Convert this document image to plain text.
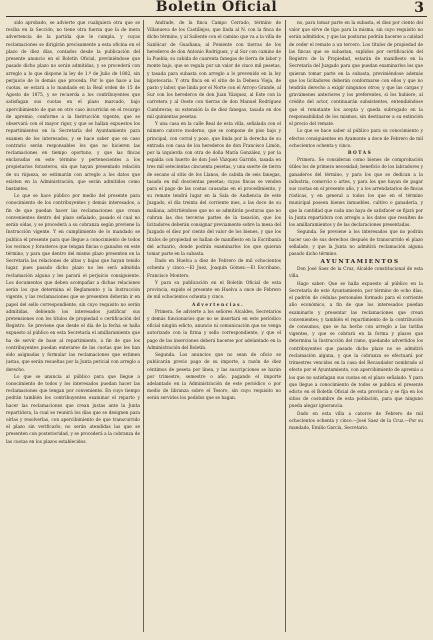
Boletin Oficial	3

sido aprobado, se advierte que cualquiera otra que se reciba en la Sección, no tiene otra fuerza que la de mera advertencia de la partida que le cumpla, y cuyas reclamaciones se dirigirán precisamente a esta oficina en el plazo de diez días, contados desde la publicación del presente anuncio en el Boletín Oficial, previniéndose que pasado dicho plazo no serán admitidas, y se procederá con arreglo a lo que dispone la ley de 1.º de Julio de 1882, sin perjuicio de lo demás que proceda. Por lo que hace a las cuotas, se estará a lo mandado en la Real orden de 15 de Agosto de 1875, y se recuerda a los contribuyentes que satisfagan sus cuotas en el plazo marcado, bajo apercibimiento de que en otro caso incurrirán en el recargo de apremio, conforme a la Instrucción vigente, que se observará con el mayor rigor, y que se hallan expuestos los repartimientos en la Secretaría del Ayuntamiento para examen de los interesados, y se hace saber que en caso contrario serán responsables los que no hicieren las reclamaciones en tiempo oportuno, y que las fincas enclavadas en este término y pertenecientes a los propietarios forasteros, sin que hayan presentado relación de su riqueza, se estimarán con arreglo a los datos que existen en la Administración, que serán admitidos como bastantes.

Lo que se hace público por medio del presente para conocimiento de los contribuyentes y demás interesados, a fin de que puedan hacer las reclamaciones que crean convenientes dentro del plazo señalado, pasado el cual no serán oídas, y se procederá a su cobranza según previene la Instrucción vigente. Y en cumplimiento de lo mandado se publica el presente para que llegue a conocimiento de todos los vecinos y forasteros que tengan fincas o ganados en este término, y para que dentro del mismo plazo presenten en la Secretaría las relaciones de altas y bajas que hayan tenido lugar, pues pasado dicho plazo no les será admitida reclamación alguna y les parará el perjuicio consiguiente. Los documentos que deben acompañar a dichas relaciones serán los que determina el Reglamento y la Instrucción vigente, y las reclamaciones que se presenten deberán ir en papel del sello correspondiente, sin cuyo requisito no serán admitidas, debiendo los interesados justificar sus pretensiones con los títulos de propiedad o certificación del Registro. Se previene que desde el día de la fecha se halla expuesto al público en esta Secretaría el amillaramiento que ha de servir de base al repartimiento, a fin de que los contribuyentes puedan enterarse de las cuotas que les han sido asignadas y formular las reclamaciones que estimen justas, que serán resueltas por la Junta pericial con arreglo a derecho.

Lo que se anuncia al público para que llegue a conocimiento de todos y los interesados puedan hacer las reclamaciones que tengan por conveniente. En cuyo tiempo podrán también los contribuyentes examinar el reparto y hacer las reclamaciones que crean justas ante la Junta repartidora, la cual se reunirá los días que se designen para oírlas y resolverlas, con apercibimiento de que transcurrido el plazo sin verificarlo, no serán atendidas las que se presenten con posterioridad, y se procederá a la cobranza de las cuotas en los plazos establecidos.

Andrade, de la finca Campo Cerrado, término de Villanueva de los Castillejos, que linda al N. con la finca de dicho término, y al Saliente con el camino que va a la villa de Sanlúcar de Guadiana; al Poniente con tierras de los herederos de don Antonio Rodríguez, y al Sur con camino de la Puebla; su cabida de cuarenta fanegas de tierra de labor y monte bajo, que se regula por un valor de cinco mil pesetas, y tasada para subasta con arreglo a lo prevenido en la ley hipotecaria. Y otra finca en el sitio de la Dehesa Vieja, de pasto y labor, que linda por el Norte con el Arroyo Grande, al Sur con los herederos de don Juan Vázquez, al Este con la carretera y al Oeste con tierras de don Manuel Rodríguez Cumbreras; su extensión la de diez fanegas, tasada en dos mil quinientas pesetas.

Y una casa en la calle Real de esta villa, señalada con el número catorce moderno, que se compone de piso bajo y principal, con corral y pozo, que linda por la derecha de su entrada con casa de los herederos de don Francisco Limón, por la izquierda con otra de doña María González, y por la espalda con huerto de don José Vázquez Garrido, tasada en tres mil setecientas cincuenta pesetas, y una suerte de tierra de secano al sitio de los Llanos, de cabida de seis fanegas, tasada en mil doscientas pesetas; cuyas fincas se venden para el pago de las costas causadas en el procedimiento, y su remate tendrá lugar en la Sala de Audiencia de este Juzgado, el día treinta del corriente mes, a las doce de su mañana, advirtiéndose que no se admitirán posturas que no cubran las dos terceras partes de la tasación, que los licitadores deberán consignar previamente sobre la mesa del Juzgado el diez por ciento del valor de los bienes, y que los títulos de propiedad se hallan de manifiesto en la Escribanía del actuario, donde podrán examinarlos los que quieran tomar parte en la subasta.

Dado en Huelva a diez de Febrero de mil ochocientos ochenta y cinco.—El Juez, Joaquín Gómez.—El Escribano, Francisco Montero.

Y para su publicación en el Boletín Oficial de esta provincia, expido el presente en Huelva a once de Febrero de mil ochocientos ochenta y cinco.

Advertencias.

Primera. Se advierte a los señores Alcaldes, Secretarios y demás funcionarios que no se insertará en este periódico oficial ningún edicto, anuncio ni comunicación que no venga autorizado con la firma y sello correspondiente, y que el pago de las inserciones deberá hacerse por adelantado en la Administración del Boletín.

Segunda. Los anuncios que no sean de oficio se publicarán previo pago de su importe, a razón de diez céntimos de peseta por línea, y las suscripciones se harán por trimestre, semestre o año, pagando el importe adelantado en la Administración de este periódico o por medio de libranza sobre el Tesoro, sin cuyo requisito no serán servidos los pedidos que se hagan.

no, para tomar parte en la subasta, el diez por ciento del valor que sirve de tipo para la misma, sin cuyo requisito no serán admitidos, y que las posturas podrán hacerse a calidad de ceder el remate a un tercero. Los títulos de propiedad de las fincas que se subastan, suplidos por certificación del Registro de la Propiedad, estarán de manifiesto en la Secretaría del Juzgado para que puedan examinarlos los que quieran tomar parte en la subasta, previniéndose además que los licitadores deberán conformarse con ellos y que no tendrán derecho a exigir ningunos otros; y que las cargas y gravámenes anteriores y los preferentes, si los hubiere, al crédito del actor, continuarán subsistentes, entendiéndose que el rematante los acepta y queda subrogado en la responsabilidad de los mismos, sin destinarse a su extinción el precio del remate.

Lo que se hace saber al público para su conocimiento y efectos consiguientes en Ayamonte a doce de Febrero de mil ochocientos ochenta y cinco.

BOTAS

Primera. Se consideran como bienes de comprobación útiles los de primera necesidad; beneficio de los labradores y ganaderos del término, y para los que se dedican a la industria, comercio o artes, y para los que hayan de pagar sus cuotas en el presente año, y a los arrendatarios de fincas rústicas, y en general a todos los que en el término municipal poseen bienes inmuebles, cultivo o ganadería, y que la cantidad que cada uno haya de satisfacer se fijará por la Junta repartidora con arreglo a los datos que resulten de los amillaramientos y de las declaraciones presentadas.

Segunda. Se previene a los interesados que no podrán hacer uso de sus derechos después de transcurrido el plazo señalado, y que la Junta no admitirá reclamación alguna pasado dicho término.

AYUNTAMIENTOS

Don José Saez de la Cruz, Alcalde constitucional de esta villa.

Hago saber: Que se halla expuesto al público en la Secretaría de este Ayuntamiento, por término de ocho días, el padrón de cédulas personales formado para el corriente año económico, a fin de que los interesados puedan examinarlo y presentar las reclamaciones que crean convenientes; y también el repartimiento de la contribución de consumos, que se ha hecho con arreglo a las tarifas vigentes, y que se cobrará en la forma y plazos que determina la Instrucción del ramo, quedando advertidos los contribuyentes que pasado dicho plazo no se admitirá reclamación alguna, y que la cobranza se efectuará por trimestres vencidos en la casa del Recaudador nombrado al efecto por el Ayuntamiento, con apercibimiento de apremio a los que no satisfagan sus cuotas en el plazo señalado. Y para que llegue a conocimiento de todos se publica el presente edicto en el Boletín Oficial de esta provincia y se fija en los sitios de costumbre de esta población, para que ninguno pueda alegar ignorancia.

Dado en esta villa a catorce de Febrero de mil ochocientos ochenta y cinco.—José Saez de la Cruz.—Por su mandado, Emilio García, Secretario.
